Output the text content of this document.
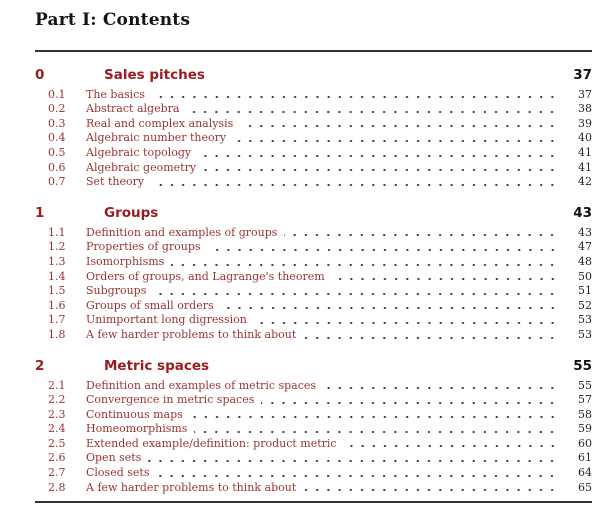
Part I: Contents
0	Sales pitches	37
0.1	The basics	37
0.2	Abstract algebra	38
0.3	Real and complex analysis	39
0.4	Algebraic number theory	40
0.5	Algebraic topology	41
0.6	Algebraic geometry	41
0.7	Set theory	42
1	Groups	43
1.1	Definition and examples of groups	43
1.2	Properties of groups	47
1.3	Isomorphisms	48
1.4	Orders of groups, and Lagrange's theorem	50
1.5	Subgroups	51
1.6	Groups of small orders	52
1.7	Unimportant long digression	53
1.8	A few harder problems to think about	53
2	Metric spaces	55
2.1	Definition and examples of metric spaces	55
2.2	Convergence in metric spaces	57
2.3	Continuous maps	58
2.4	Homeomorphisms	59
2.5	Extended example/definition: product metric	60
2.6	Open sets	61
2.7	Closed sets	64
2.8	A few harder problems to think about	65
